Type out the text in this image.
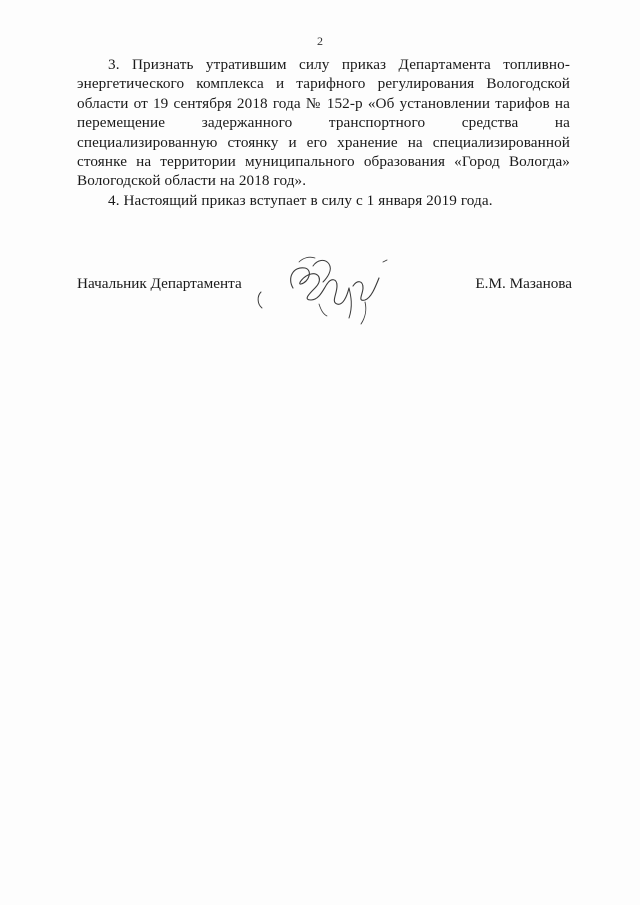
2

3. Признать утратившим силу приказ Департамента топливно-энергетического комплекса и тарифного регулирования Вологодской области от 19 сентября 2018 года № 152-р «Об установлении тарифов на перемещение задержанного транспортного средства на специализированную стоянку и его хранение на специализированной стоянке на территории муниципального образования «Город Вологда» Вологодской области на 2018 год».

4. Настоящий приказ вступает в силу с 1 января 2019 года.

Начальник Департамента	Е.М. Мазанова
